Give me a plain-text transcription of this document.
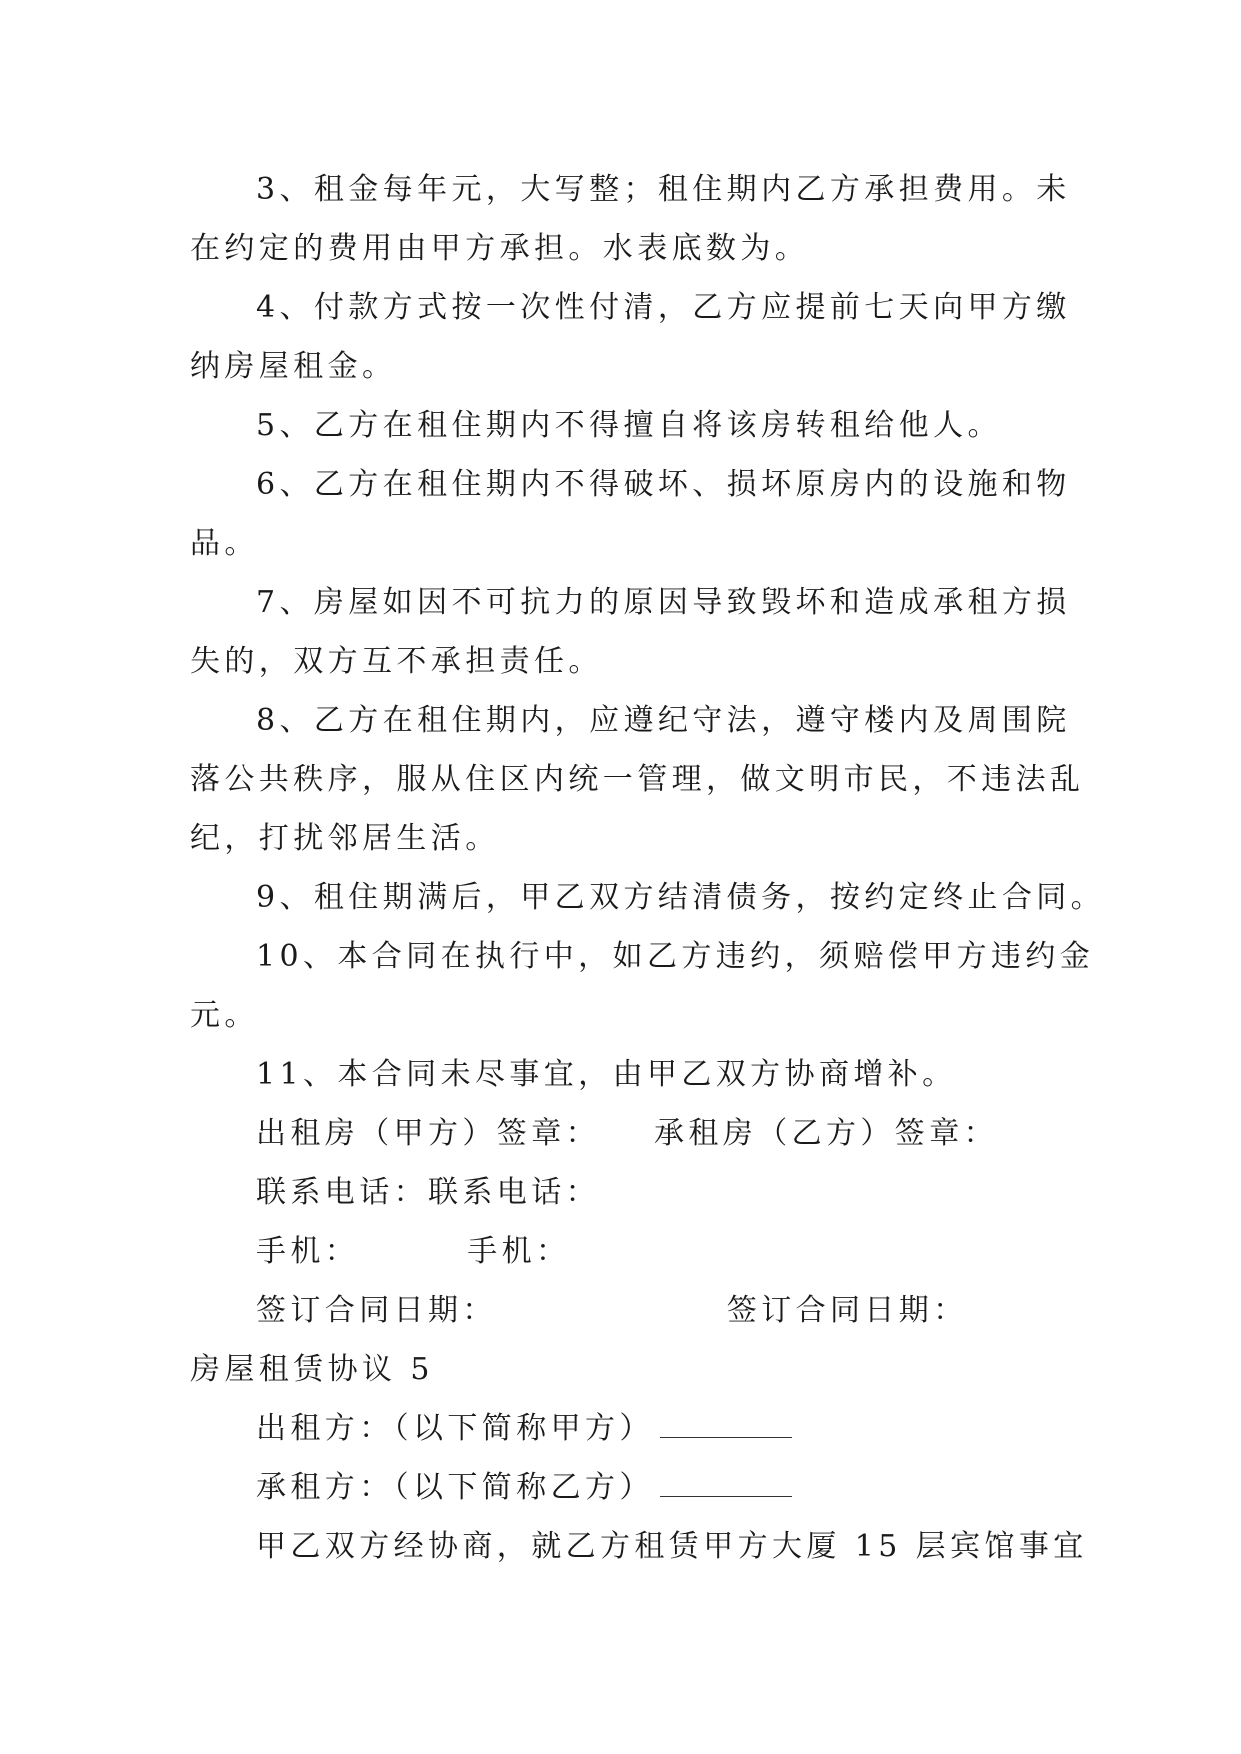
3、租金每年元，大写整；租住期内乙方承担费用。未
在约定的费用由甲方承担。水表底数为。
4、付款方式按一次性付清，乙方应提前七天向甲方缴
纳房屋租金。
5、乙方在租住期内不得擅自将该房转租给他人。
6、乙方在租住期内不得破坏、损坏原房内的设施和物
品。
7、房屋如因不可抗力的原因导致毁坏和造成承租方损
失的，双方互不承担责任。
8、乙方在租住期内，应遵纪守法，遵守楼内及周围院
落公共秩序，服从住区内统一管理，做文明市民，不违法乱
纪，打扰邻居生活。
9、租住期满后，甲乙双方结清债务，按约定终止合同。
10、本合同在执行中，如乙方违约，须赔偿甲方违约金
元。
11、本合同未尽事宜，由甲乙双方协商增补。
出租房（甲方）签章： 承租房（乙方）签章：
联系电话：联系电话：
手机：	手机：
签订合同日期：	签订合同日期：
房屋租赁协议 5
出租方：（以下简称甲方）
承租方：（以下简称乙方）
甲乙双方经协商，就乙方租赁甲方大厦 15 层宾馆事宜
